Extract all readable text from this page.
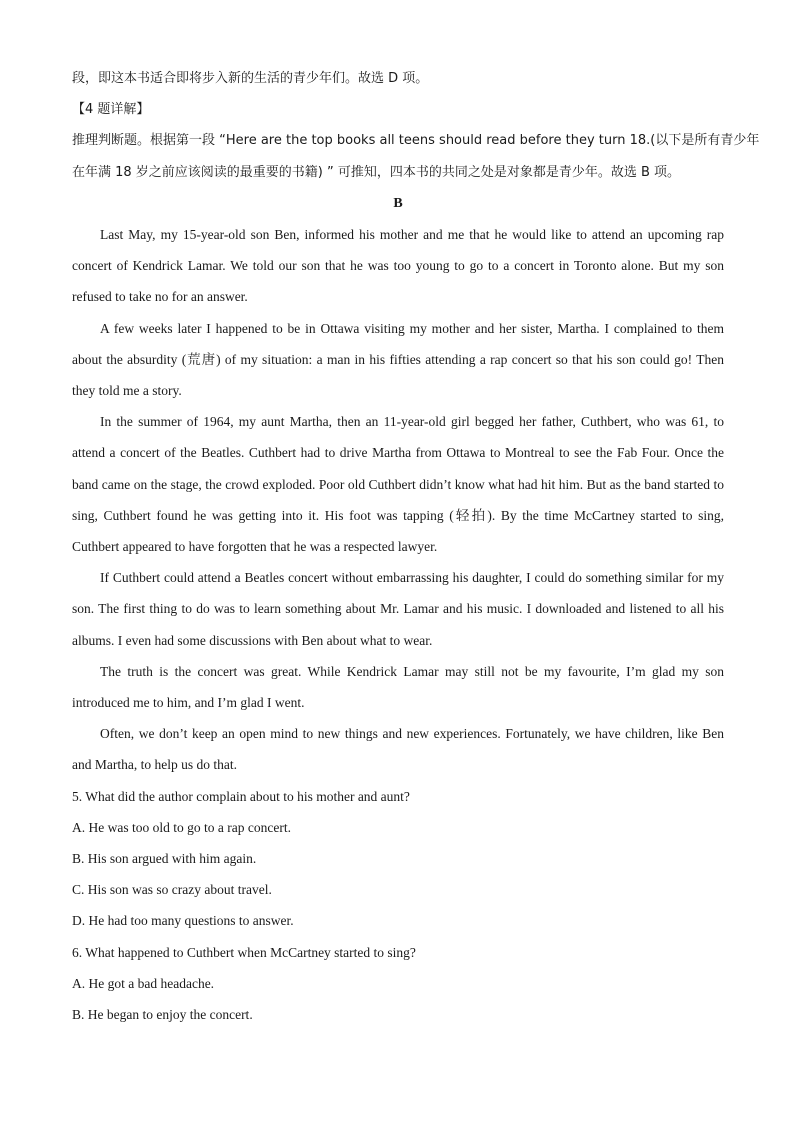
段，即这本书适合即将步入新的生活的青少年们。故选 D 项。
【4 题详解】
推理判断题。根据第一段 “Here are the top books all teens should read before they turn 18.(以下是所有青少年
在年满 18 岁之前应该阅读的最重要的书籍) ” 可推知，四本书的共同之处是对象都是青少年。故选 B 项。
B
Last May, my 15-year-old son Ben, informed his mother and me that he would like to attend an upcoming rap concert of Kendrick Lamar. We told our son that he was too young to go to a concert in Toronto alone. But my son refused to take no for an answer.
A few weeks later I happened to be in Ottawa visiting my mother and her sister, Martha. I complained to them about the absurdity (荒唐) of my situation: a man in his fifties attending a rap concert so that his son could go! Then they told me a story.
In the summer of 1964, my aunt Martha, then an 11-year-old girl begged her father, Cuthbert, who was 61, to attend a concert of the Beatles. Cuthbert had to drive Martha from Ottawa to Montreal to see the Fab Four. Once the band came on the stage, the crowd exploded. Poor old Cuthbert didn’t know what had hit him. But as the band started to sing, Cuthbert found he was getting into it. His foot was tapping (轻拍). By the time McCartney started to sing, Cuthbert appeared to have forgotten that he was a respected lawyer.
If Cuthbert could attend a Beatles concert without embarrassing his daughter, I could do something similar for my son. The first thing to do was to learn something about Mr. Lamar and his music. I downloaded and listened to all his albums. I even had some discussions with Ben about what to wear.
The truth is the concert was great. While Kendrick Lamar may still not be my favourite, I’m glad my son introduced me to him, and I’m glad I went.
Often, we don’t keep an open mind to new things and new experiences. Fortunately, we have children, like Ben and Martha, to help us do that.
5. What did the author complain about to his mother and aunt?
A. He was too old to go to a rap concert.
B. His son argued with him again.
C. His son was so crazy about travel.
D. He had too many questions to answer.
6. What happened to Cuthbert when McCartney started to sing?
A. He got a bad headache.
B. He began to enjoy the concert.
